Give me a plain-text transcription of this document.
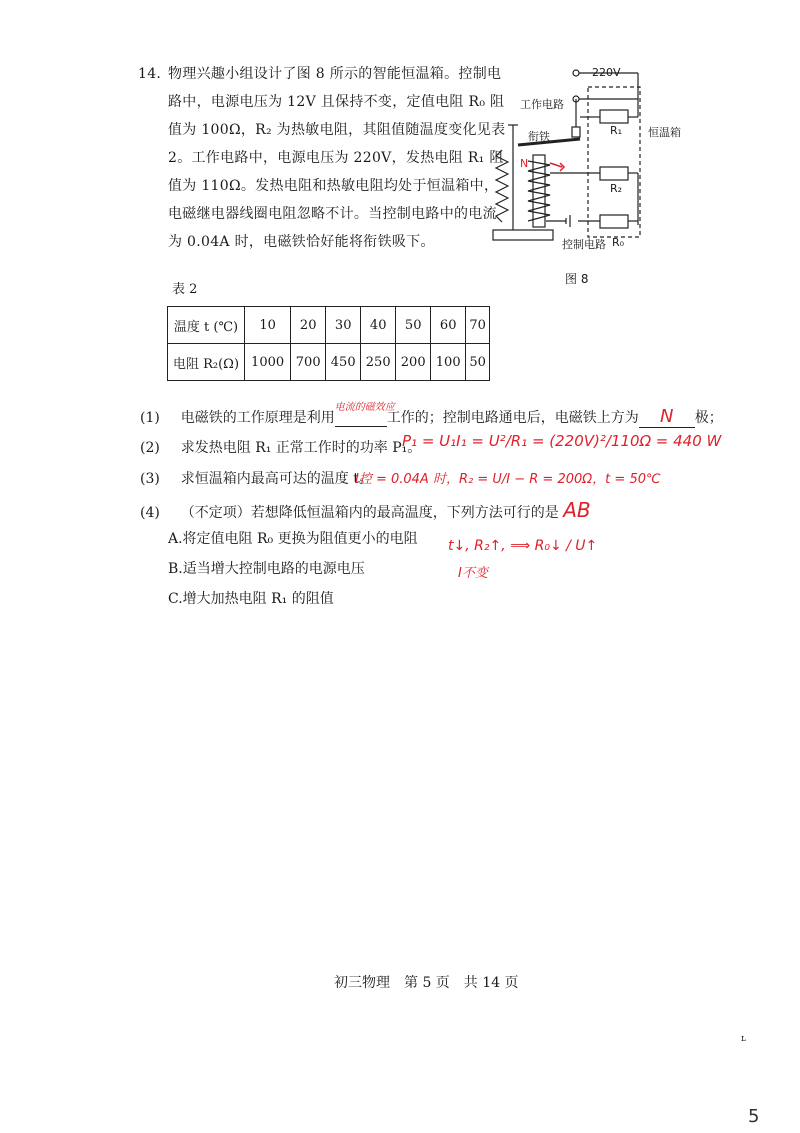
14. 物理兴趣小组设计了图 8 所示的智能恒温箱。控制电
路中，电源电压为 12V 且保持不变，定值电阻 R₀ 阻
值为 100Ω，R₂ 为热敏电阻，其阻值随温度变化见表
2。工作电路中，电源电压为 220V，发热电阻 R₁ 阻
值为 110Ω。发热电阻和热敏电阻均处于恒温箱中，
电磁继电器线圈电阻忽略不计。当控制电路中的电流
为 0.04A 时，电磁铁恰好能将衔铁吸下。
N
220V
工作电路
衔铁	R₁ 恒温箱
R₂
控制电路 R₀
图 8
表 2
温度 t (℃)	10	20	30	40	50	60	70
电阻 R₂(Ω)	1000	700	450	250	200	100	50
(1) 电磁铁的工作原理是利用
电流的磁效应
工作的；控制电路通电后，电磁铁上方为 N 极；
(2) 求发热电阻 R₁ 正常工作时的功率 P₁。
P₁ = U₁I₁ = U²/R₁ = (220V)²/110Ω = 440 W
(3) 求恒温箱内最高可达的温度 t。
I控 = 0.04A 时，R₂ = U/I − R = 200Ω，t = 50℃
(4) （不定项）若想降低恒温箱内的最高温度，下列方法可行的是 AB
A.将定值电阻 R₀ 更换为阻值更小的电阻
B.适当增大控制电路的电源电压
C.增大加热电阻 R₁ 的阻值
t↓, R₂↑, ⟹ R₀↓ / U↑
I不变
初三物理　第 5 页　共 14 页
ʟ
5
